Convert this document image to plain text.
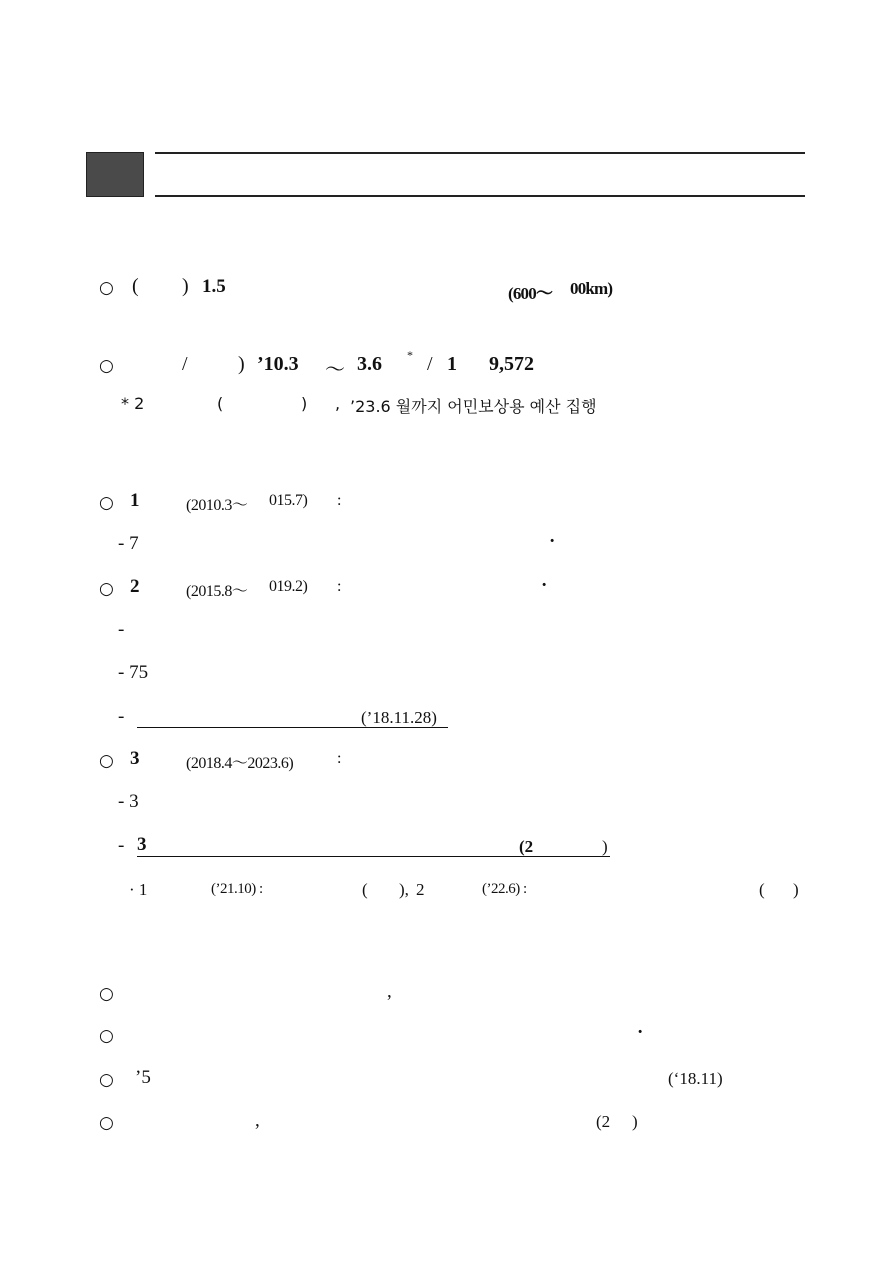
○ ( ) 1.5	(600～ 00km)
○	/	) ’10.3 ～ 3.6 * / 1 9,572
* 2	(	) , ’23.6 월까지 어민보상용 예산 집행
○ 1	(2010.3～ 015.7) :
- 7	·
○ 2	(2015.8～ 019.2) :	·
-
- 75
-	(’18.11.28)
○ 3	(2018.4～2023.6)	:
- 3
- 3	(2	)
· 1	(’21.10) :	( ), 2	(’22.6) :	( )
○	,
○	·
○ ’5	(‘18.11)
○	,	(2 )
